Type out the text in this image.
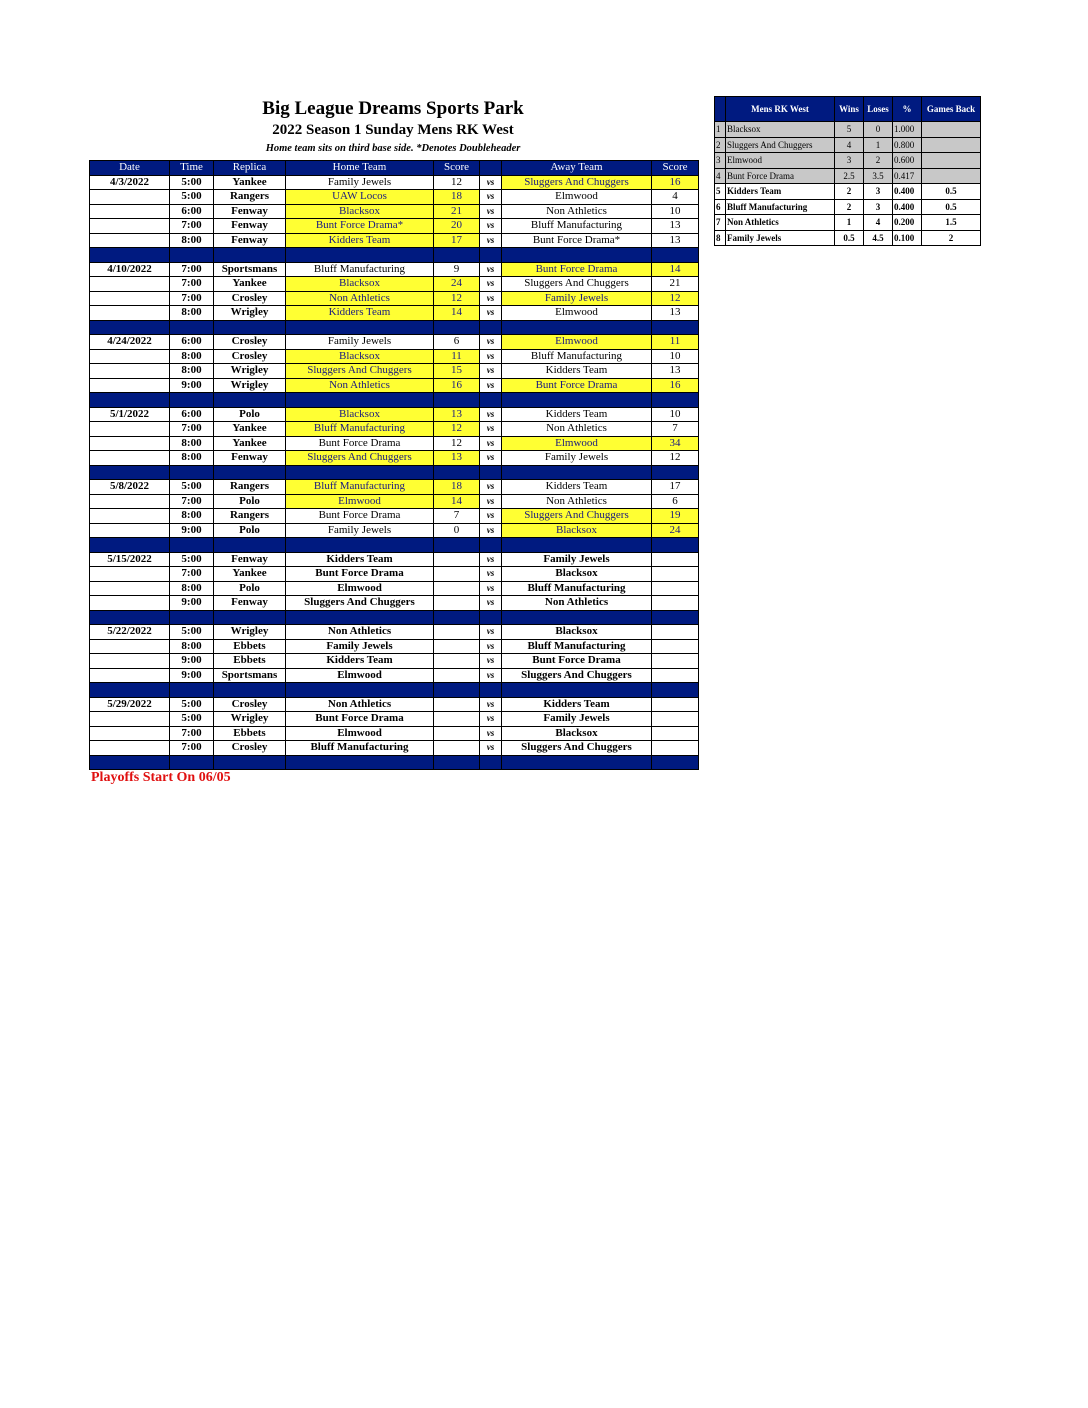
Big League Dreams Sports Park
2022 Season 1 Sunday Mens RK West
Home team sits on third base side. *Denotes Doubleheader
Date	Time	Replica	Home Team	Score		Away Team	Score
4/3/2022	5:00	Yankee	Family Jewels	12	vs	Sluggers And Chuggers	16
	5:00	Rangers	UAW Locos	18	vs	Elmwood	4
	6:00	Fenway	Blacksox	21	vs	Non Athletics	10
	7:00	Fenway	Bunt Force Drama*	20	vs	Bluff Manufacturing	13
	8:00	Fenway	Kidders Team	17	vs	Bunt Force Drama*	13

4/10/2022	7:00	Sportsmans	Bluff Manufacturing	9	vs	Bunt Force Drama	14
	7:00	Yankee	Blacksox	24	vs	Sluggers And Chuggers	21
	7:00	Crosley	Non Athletics	12	vs	Family Jewels	12
	8:00	Wrigley	Kidders Team	14	vs	Elmwood	13

4/24/2022	6:00	Crosley	Family Jewels	6	vs	Elmwood	11
	8:00	Crosley	Blacksox	11	vs	Bluff Manufacturing	10
	8:00	Wrigley	Sluggers And Chuggers	15	vs	Kidders Team	13
	9:00	Wrigley	Non Athletics	16	vs	Bunt Force Drama	16

5/1/2022	6:00	Polo	Blacksox	13	vs	Kidders Team	10
	7:00	Yankee	Bluff Manufacturing	12	vs	Non Athletics	7
	8:00	Yankee	Bunt Force Drama	12	vs	Elmwood	34
	8:00	Fenway	Sluggers And Chuggers	13	vs	Family Jewels	12

5/8/2022	5:00	Rangers	Bluff Manufacturing	18	vs	Kidders Team	17
	7:00	Polo	Elmwood	14	vs	Non Athletics	6
	8:00	Rangers	Bunt Force Drama	7	vs	Sluggers And Chuggers	19
	9:00	Polo	Family Jewels	0	vs	Blacksox	24

5/15/2022	5:00	Fenway	Kidders Team		vs	Family Jewels	
	7:00	Yankee	Bunt Force Drama		vs	Blacksox	
	8:00	Polo	Elmwood		vs	Bluff Manufacturing	
	9:00	Fenway	Sluggers And Chuggers		vs	Non Athletics	

5/22/2022	5:00	Wrigley	Non Athletics		vs	Blacksox	
	8:00	Ebbets	Family Jewels		vs	Bluff Manufacturing	
	9:00	Ebbets	Kidders Team		vs	Bunt Force Drama	
	9:00	Sportsmans	Elmwood		vs	Sluggers And Chuggers	

5/29/2022	5:00	Crosley	Non Athletics		vs	Kidders Team	
	5:00	Wrigley	Bunt Force Drama		vs	Family Jewels	
	7:00	Ebbets	Elmwood		vs	Blacksox	
	7:00	Crosley	Bluff Manufacturing		vs	Sluggers And Chuggers	

	Mens RK West	Wins	Loses	%	Games Back
1	Blacksox	5	0	1.000	
2	Sluggers And Chuggers	4	1	0.800	
3	Elmwood	3	2	0.600	
4	Bunt Force Drama	2.5	3.5	0.417	
5	Kidders Team	2	3	0.400	0.5
6	Bluff Manufacturing	2	3	0.400	0.5
7	Non Athletics	1	4	0.200	1.5
8	Family Jewels	0.5	4.5	0.100	2
Playoffs Start On 06/05
